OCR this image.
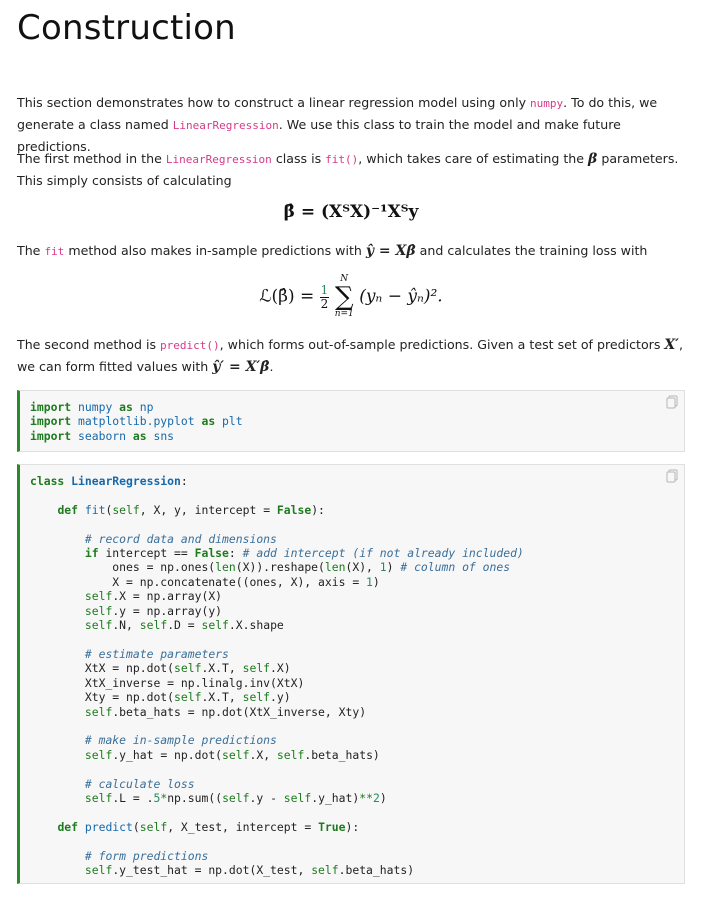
Construction
This section demonstrates how to construct a linear regression model using only numpy. To do this, we generate a class named LinearRegression. We use this class to train the model and make future predictions.
The first method in the LinearRegression class is fit(), which takes care of estimating the β parameters. This simply consists of calculating
β̂ = (XᵀX)⁻¹Xᵀy
The fit method also makes in-sample predictions with ŷ = Xβ̂ and calculates the training loss with
ℒ(β̂) = $\frac{1}{2}$
N
∑
n=1
(yₙ − ŷₙ)².
The second method is predict(), which forms out-of-sample predictions. Given a test set of predictors X′, we can form fitted values with ŷ′ = X′β̂.
import numpy as np
import matplotlib.pyplot as plt
import seaborn as sns
class LinearRegression:

def fit(self, X, y, intercept = False):

# record data and dimensions
if intercept == False: # add intercept (if not already included)
ones = np.ones(len(X)).reshape(len(X), 1) # column of ones
X = np.concatenate((ones, X), axis = 1)
self.X = np.array(X)
self.y = np.array(y)
self.N, self.D = self.X.shape

# estimate parameters
XtX = np.dot(self.X.T, self.X)
XtX_inverse = np.linalg.inv(XtX)
Xty = np.dot(self.X.T, self.y)
self.beta_hats = np.dot(XtX_inverse, Xty)

# make in-sample predictions
self.y_hat = np.dot(self.X, self.beta_hats)

# calculate loss
self.L = .5*np.sum((self.y - self.y_hat)**2)

def predict(self, X_test, intercept = True):

# form predictions
self.y_test_hat = np.dot(X_test, self.beta_hats)
